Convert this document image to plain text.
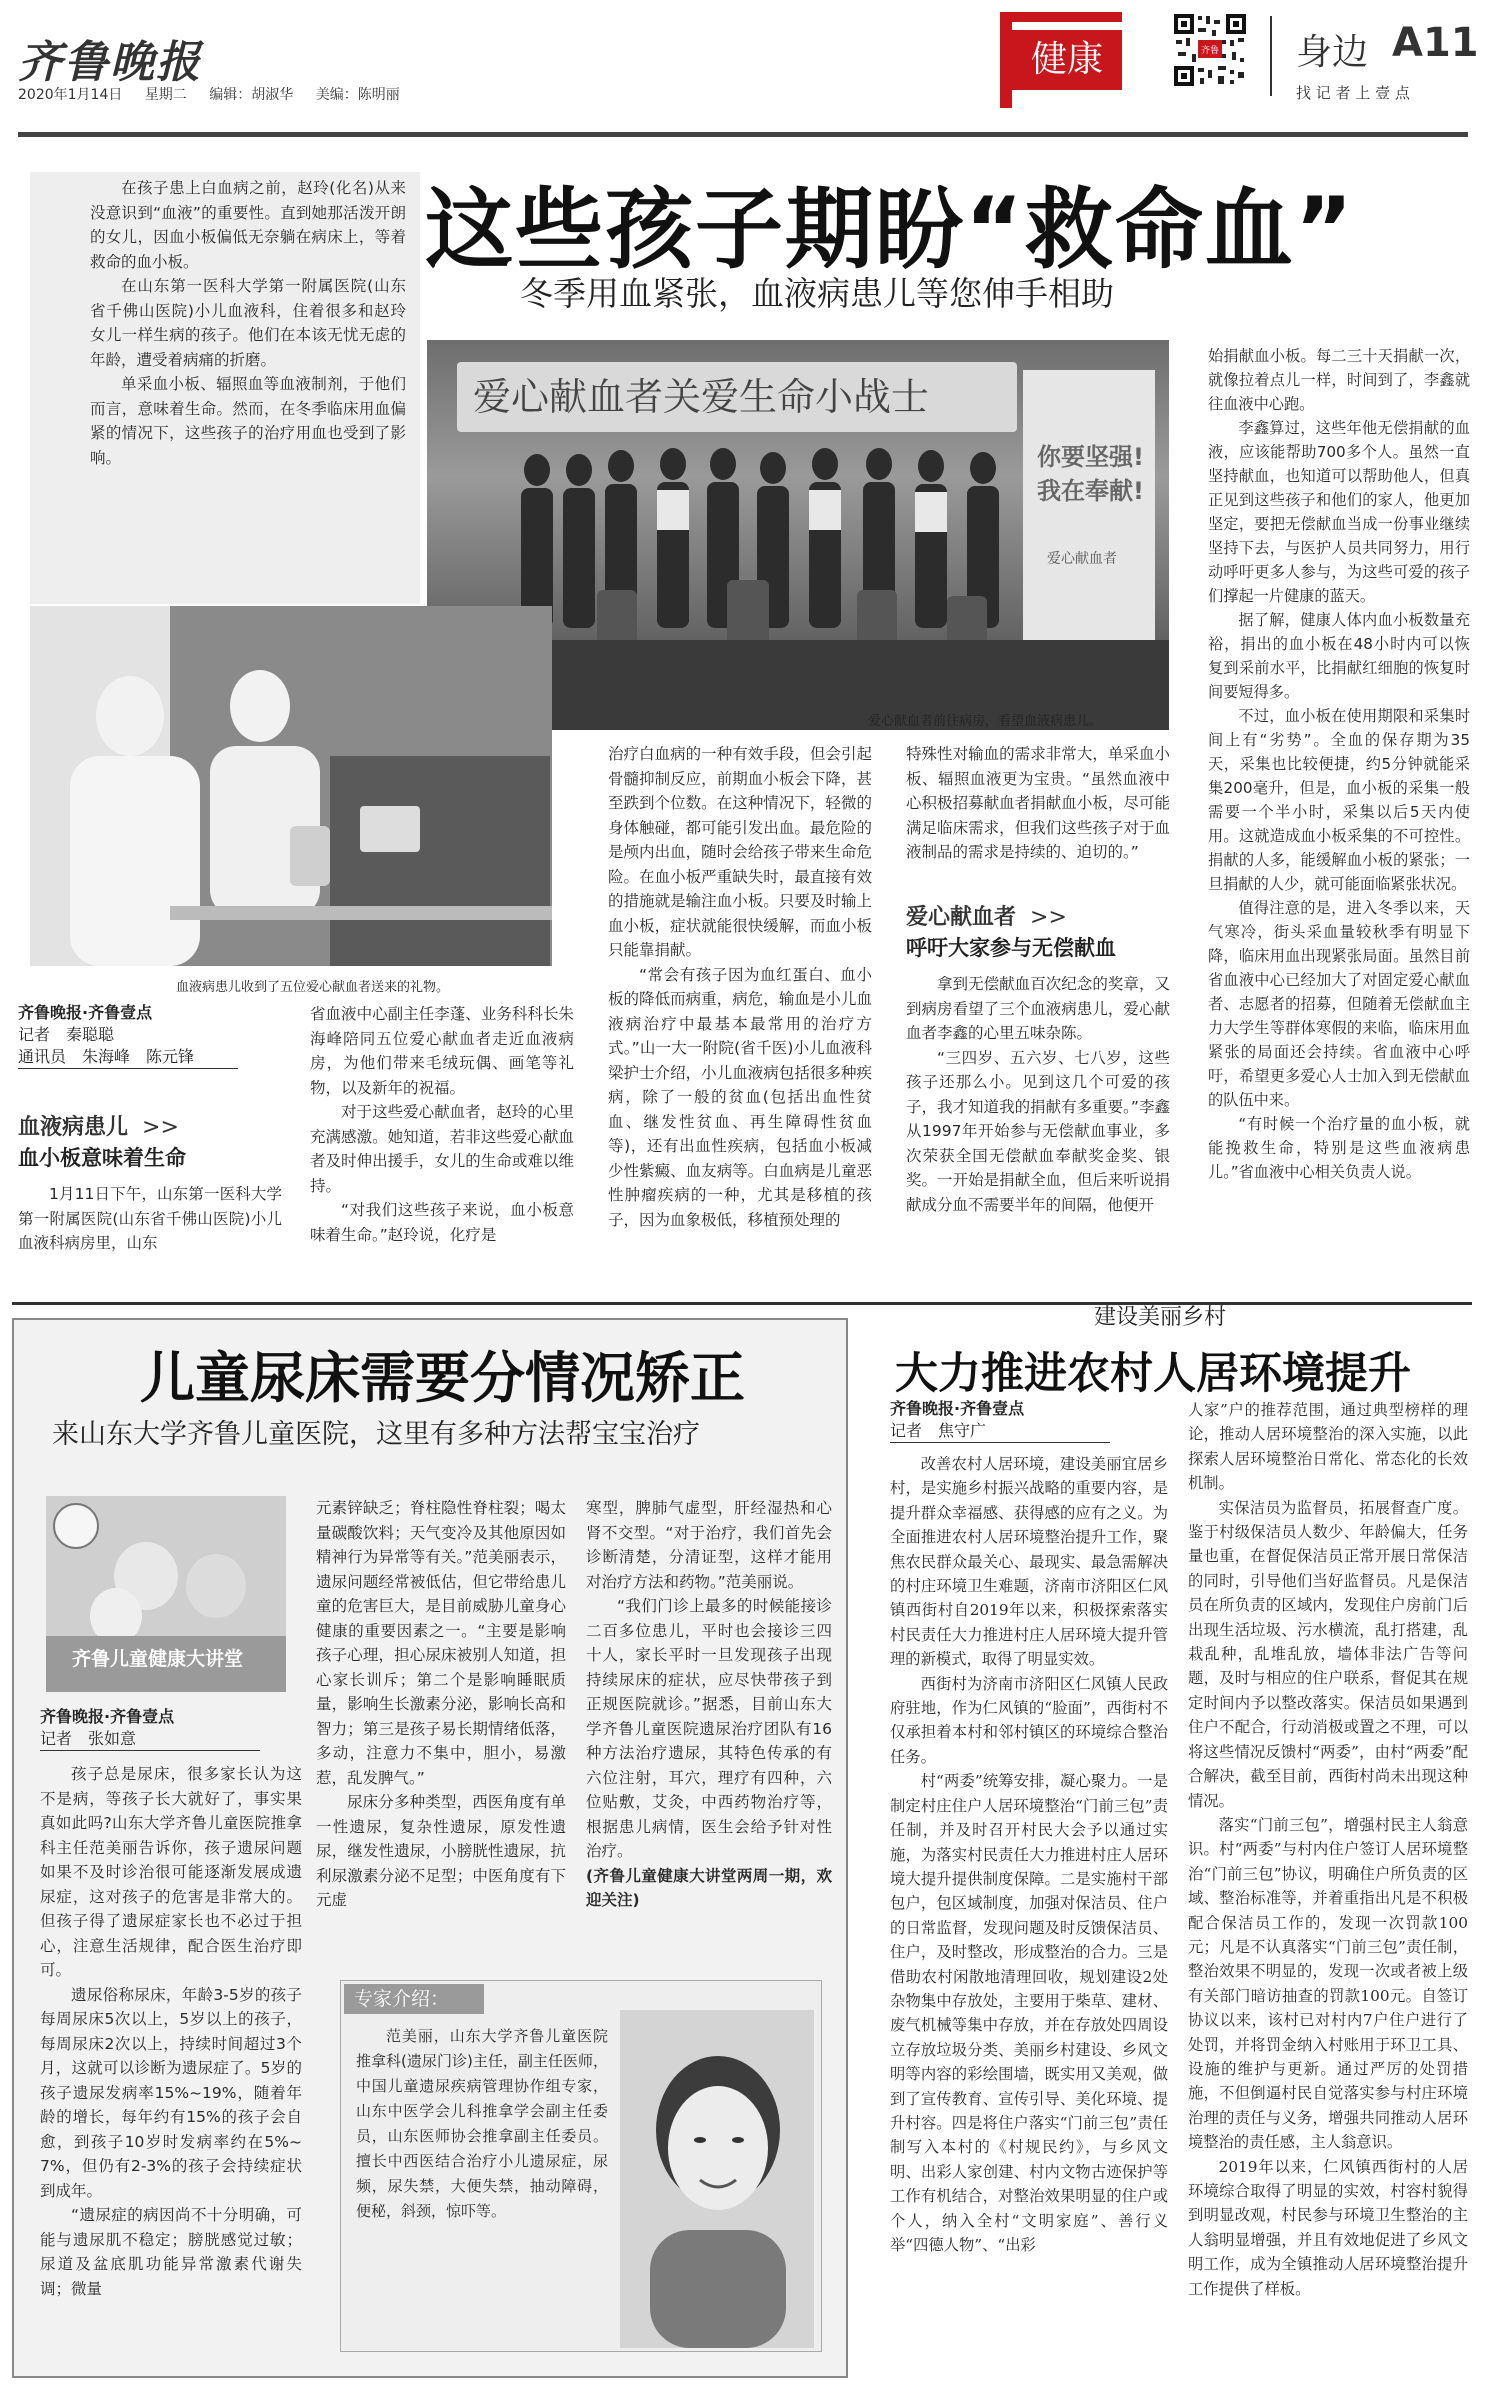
齐鲁晚报
2020年1月14日 星期二 编辑：胡淑华 美编：陈明丽
健康	齐鲁 身边 A11
找 记 者 上 壹 点

在孩子患上白血病之前，赵玲(化名)从来没意识到“血液”的重要性。直到她那活泼开朗的女儿，因血小板偏低无奈躺在病床上，等着救命的血小板。

在山东第一医科大学第一附属医院(山东省千佛山医院)小儿血液科，住着很多和赵玲女儿一样生病的孩子。他们在本该无忧无虑的年龄，遭受着病痛的折磨。

单采血小板、辐照血等血液制剂，于他们而言，意味着生命。然而，在冬季临床用血偏紧的情况下，这些孩子的治疗用血也受到了影响。

这些孩子期盼“救命血”
冬季用血紧张，血液病患儿等您伸手相助
爱心献血者关爱生命小战士
你要坚强!
我在奉献!
爱心献血者
爱心献血者前往病房，看望血液病患儿。
血液病患儿收到了五位爱心献血者送来的礼物。
齐鲁晚报·齐鲁壹点
记者　秦聪聪
通讯员　朱海峰　陈元锋
血液病患儿 >>
血小板意味着生命

1月11日下午，山东第一医科大学第一附属医院(山东省千佛山医院)小儿血液科病房里，山东

省血液中心副主任李蓬、业务科科长朱海峰陪同五位爱心献血者走近血液病房，为他们带来毛绒玩偶、画笔等礼物，以及新年的祝福。

对于这些爱心献血者，赵玲的心里充满感激。她知道，若非这些爱心献血者及时伸出援手，女儿的生命或难以维持。

“对我们这些孩子来说，血小板意味着生命。”赵玲说，化疗是

治疗白血病的一种有效手段，但会引起骨髓抑制反应，前期血小板会下降，甚至跌到个位数。在这种情况下，轻微的身体触碰，都可能引发出血。最危险的是颅内出血，随时会给孩子带来生命危险。在血小板严重缺失时，最直接有效的措施就是输注血小板。只要及时输上血小板，症状就能很快缓解，而血小板只能靠捐献。

“常会有孩子因为血红蛋白、血小板的降低而病重，病危，输血是小儿血液病治疗中最基本最常用的治疗方式。”山一大一附院(省千医)小儿血液科梁护士介绍，小儿血液病包括很多种疾病，除了一般的贫血(包括出血性贫血、继发性贫血、再生障碍性贫血等)，还有出血性疾病，包括血小板减少性紫癜、血友病等。白血病是儿童恶性肿瘤疾病的一种，尤其是移植的孩子，因为血象极低，移植预处理的

特殊性对输血的需求非常大，单采血小板、辐照血液更为宝贵。“虽然血液中心积极招募献血者捐献血小板，尽可能满足临床需求，但我们这些孩子对于血液制品的需求是持续的、迫切的。”

爱心献血者 >>
呼吁大家参与无偿献血

拿到无偿献血百次纪念的奖章，又到病房看望了三个血液病患儿，爱心献血者李鑫的心里五味杂陈。

“三四岁、五六岁、七八岁，这些孩子还那么小。见到这几个可爱的孩子，我才知道我的捐献有多重要。”李鑫从1997年开始参与无偿献血事业，多次荣获全国无偿献血奉献奖金奖、银奖。一开始是捐献全血，但后来听说捐献成分血不需要半年的间隔，他便开

始捐献血小板。每二三十天捐献一次，就像拉着点儿一样，时间到了，李鑫就往血液中心跑。

李鑫算过，这些年他无偿捐献的血液，应该能帮助700多个人。虽然一直坚持献血，也知道可以帮助他人，但真正见到这些孩子和他们的家人，他更加坚定，要把无偿献血当成一份事业继续坚持下去，与医护人员共同努力，用行动呼吁更多人参与，为这些可爱的孩子们撑起一片健康的蓝天。

据了解，健康人体内血小板数量充裕，捐出的血小板在48小时内可以恢复到采前水平，比捐献红细胞的恢复时间要短得多。

不过，血小板在使用期限和采集时间上有“劣势”。全血的保存期为35天，采集也比较便捷，约5分钟就能采集200毫升，但是，血小板的采集一般需要一个半小时，采集以后5天内使用。这就造成血小板采集的不可控性。捐献的人多，能缓解血小板的紧张；一旦捐献的人少，就可能面临紧张状况。

值得注意的是，进入冬季以来，天气寒冷，街头采血量较秋季有明显下降，临床用血出现紧张局面。虽然目前省血液中心已经加大了对固定爱心献血者、志愿者的招募，但随着无偿献血主力大学生等群体寒假的来临，临床用血紧张的局面还会持续。省血液中心呼吁，希望更多爱心人士加入到无偿献血的队伍中来。

“有时候一个治疗量的血小板，就能挽救生命，特别是这些血液病患儿。”省血液中心相关负责人说。

儿童尿床需要分情况矫正
来山东大学齐鲁儿童医院，这里有多种方法帮宝宝治疗
齐鲁儿童健康大讲堂
齐鲁晚报·齐鲁壹点
记者　张如意

孩子总是尿床，很多家长认为这不是病，等孩子长大就好了，事实果真如此吗?山东大学齐鲁儿童医院推拿科主任范美丽告诉你，孩子遗尿问题如果不及时诊治很可能逐渐发展成遗尿症，这对孩子的危害是非常大的。但孩子得了遗尿症家长也不必过于担心，注意生活规律，配合医生治疗即可。

遗尿俗称尿床，年龄3-5岁的孩子每周尿床5次以上，5岁以上的孩子，每周尿床2次以上，持续时间超过3个月，这就可以诊断为遗尿症了。5岁的孩子遗尿发病率15%~19%，随着年龄的增长，每年约有15%的孩子会自愈，到孩子10岁时发病率约在5%~7%，但仍有2-3%的孩子会持续症状到成年。

“遗尿症的病因尚不十分明确，可能与遗尿肌不稳定；膀胱感觉过敏；尿道及盆底肌功能异常激素代谢失调；微量

元素锌缺乏；脊柱隐性脊柱裂；喝太量碳酸饮料；天气变冷及其他原因如精神行为异常等有关。”范美丽表示，遗尿问题经常被低估，但它带给患儿童的危害巨大，是目前威胁儿童身心健康的重要因素之一。“主要是影响孩子心理，担心尿床被别人知道，担心家长训斥；第二个是影响睡眠质量，影响生长激素分泌，影响长高和智力；第三是孩子易长期情绪低落，多动，注意力不集中，胆小，易激惹，乱发脾气。”

尿床分多种类型，西医角度有单一性遗尿，复杂性遗尿，原发性遗尿，继发性遗尿，小膀胱性遗尿，抗利尿激素分泌不足型；中医角度有下元虚

寒型，脾肺气虚型，肝经湿热和心肾不交型。“对于治疗，我们首先会诊断清楚，分清证型，这样才能用对治疗方法和药物。”范美丽说。

“我们门诊上最多的时候能接诊二百多位患儿，平时也会接诊三四十人，家长平时一旦发现孩子出现持续尿床的症状，应尽快带孩子到正规医院就诊。”据悉，目前山东大学齐鲁儿童医院遗尿治疗团队有16种方法治疗遗尿，其特色传承的有六位注射，耳穴，理疗有四种，六位贴敷，艾灸，中西药物治疗等，根据患儿病情，医生会给予针对性治疗。

(齐鲁儿童健康大讲堂两周一期，欢迎关注)

专家介绍：

范美丽，山东大学齐鲁儿童医院推拿科(遗尿门诊)主任，副主任医师，中国儿童遗尿疾病管理协作组专家，山东中医学会儿科推拿学会副主任委员，山东医师协会推拿副主任委员。擅长中西医结合治疗小儿遗尿症，尿频，尿失禁，大便失禁，抽动障碍，便秘，斜颈，惊吓等。

建设美丽乡村
大力推进农村人居环境提升
齐鲁晚报·齐鲁壹点
记者　焦守广

改善农村人居环境，建设美丽宜居乡村，是实施乡村振兴战略的重要内容，是提升群众幸福感、获得感的应有之义。为全面推进农村人居环境整治提升工作，聚焦农民群众最关心、最现实、最急需解决的村庄环境卫生难题，济南市济阳区仁风镇西街村自2019年以来，积极探索落实村民责任大力推进村庄人居环境大提升管理的新模式，取得了明显实效。

西街村为济南市济阳区仁风镇人民政府驻地，作为仁风镇的“脸面”，西街村不仅承担着本村和邻村镇区的环境综合整治任务。

村“两委”统筹安排，凝心聚力。一是制定村庄住户人居环境整治“门前三包”责任制，并及时召开村民大会予以通过实施，为落实村民责任大力推进村庄人居环境大提升提供制度保障。二是实施村干部包户，包区域制度，加强对保洁员、住户的日常监督，发现问题及时反馈保洁员、住户，及时整改，形成整治的合力。三是借助农村闲散地清理回收，规划建设2处杂物集中存放处，主要用于柴草、建材、废气机械等集中存放，并在存放处四周设立存放垃圾分类、美丽乡村建设、乡风文明等内容的彩绘围墙，既实用又美观，做到了宣传教育、宣传引导、美化环境、提升村容。四是将住户落实“门前三包”责任制写入本村的《村规民约》，与乡风文明、出彩人家创建、村内文物古迹保护等工作有机结合，对整治效果明显的住户或个人，纳入全村“文明家庭”、善行义举“四德人物”、“出彩

人家”户的推荐范围，通过典型榜样的理论，推动人居环境整治的深入实施，以此探索人居环境整治日常化、常态化的长效机制。

实保洁员为监督员，拓展督查广度。鉴于村级保洁员人数少、年龄偏大，任务量也重，在督促保洁员正常开展日常保洁的同时，引导他们当好监督员。凡是保洁员在所负责的区域内，发现住户房前门后出现生活垃圾、污水横流，乱打搭建，乱栽乱种，乱堆乱放，墙体非法广告等问题，及时与相应的住户联系，督促其在规定时间内予以整改落实。保洁员如果遇到住户不配合，行动消极或置之不理，可以将这些情况反馈村“两委”，由村“两委”配合解决，截至目前，西街村尚未出现这种情况。

落实“门前三包”，增强村民主人翁意识。村“两委”与村内住户签订人居环境整治“门前三包”协议，明确住户所负责的区域、整治标准等，并着重指出凡是不积极配合保洁员工作的，发现一次罚款100元；凡是不认真落实“门前三包”责任制，整治效果不明显的，发现一次或者被上级有关部门暗访抽查的罚款100元。自签订协议以来，该村已对村内7户住户进行了处罚，并将罚金纳入村账用于环卫工具、设施的维护与更新。通过严厉的处罚措施，不但倒逼村民自觉落实参与村庄环境治理的责任与义务，增强共同推动人居环境整治的责任感，主人翁意识。

2019年以来，仁风镇西街村的人居环境综合取得了明显的实效，村容村貌得到明显改观，村民参与环境卫生整治的主人翁明显增强，并且有效地促进了乡风文明工作，成为全镇推动人居环境整治提升工作提供了样板。
